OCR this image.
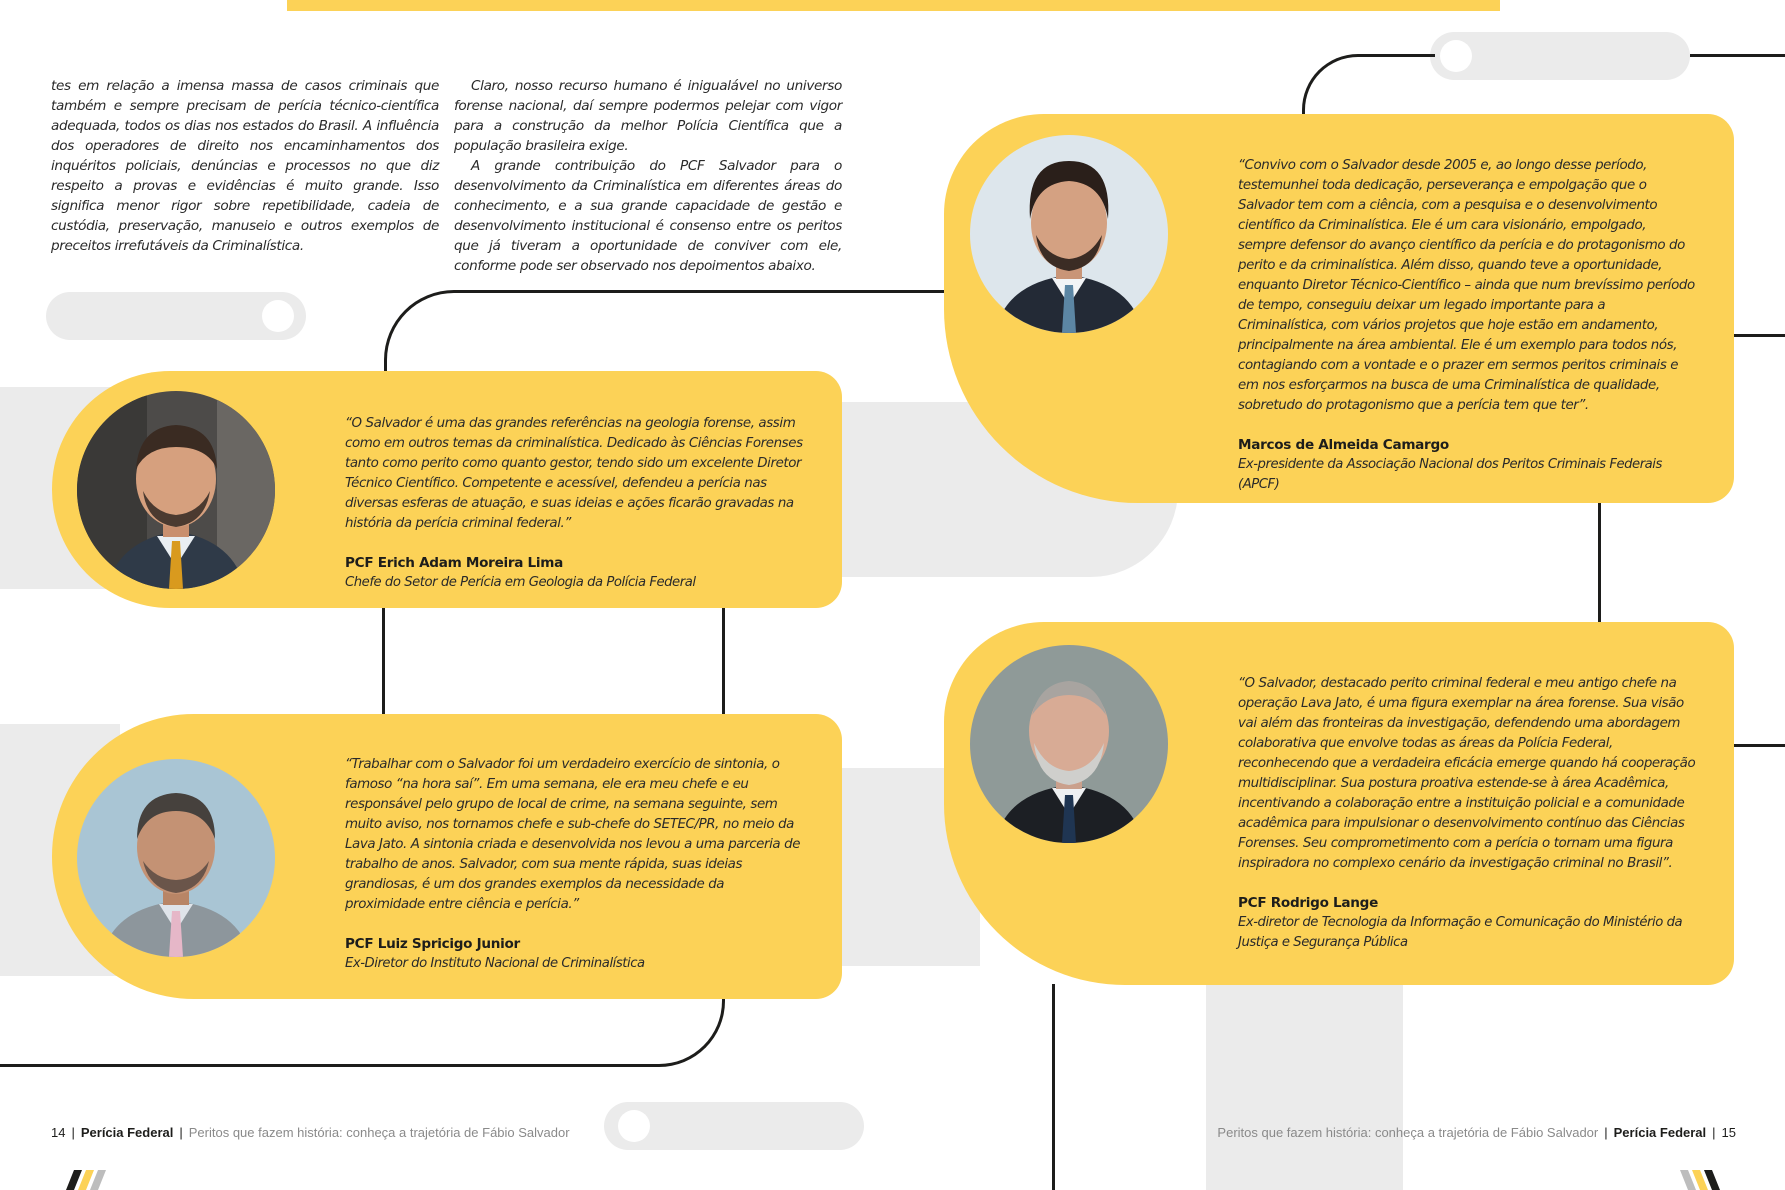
tes em relação a imensa massa de casos criminais que também e sempre precisam de perícia técnico-científica adequada, todos os dias nos estados do Brasil. A influência dos operadores de direito nos encaminhamentos dos inquéritos policiais, denúncias e processos no que diz respeito a provas e evidências é muito grande. Isso significa menor rigor sobre repetibilidade, cadeia de custódia, preservação, manuseio e outros exemplos de preceitos irrefutáveis da Criminalística.

Claro, nosso recurso humano é inigualável no universo forense nacional, daí sempre podermos pelejar com vigor para a construção da melhor Polícia Científica que a população brasileira exige.

A grande contribuição do PCF Salvador para o desenvolvimento da Criminalística em diferentes áreas do conhecimento, e a sua grande capacidade de gestão e desenvolvimento institucional é consenso entre os peritos que já tiveram a oportunidade de conviver com ele, conforme pode ser observado nos depoimentos abaixo.

“O Salvador é uma das grandes referências na geologia forense, assim como em outros temas da criminalística. Dedicado às Ciências Forenses tanto como perito como quanto gestor, tendo sido um excelente Diretor Técnico Científico. Competente e acessível, defendeu a perícia nas diversas esferas de atuação, e suas ideias e ações ficarão gravadas na história da perícia criminal federal.”

PCF Erich Adam Moreira Lima
Chefe do Setor de Perícia em Geologia da Polícia Federal

“Trabalhar com o Salvador foi um verdadeiro exercício de sintonia, o famoso “na hora saí”. Em uma semana, ele era meu chefe e eu responsável pelo grupo de local de crime, na semana seguinte, sem muito aviso, nos tornamos chefe e sub-chefe do SETEC/PR, no meio da Lava Jato. A sintonia criada e desenvolvida nos levou a uma parceria de trabalho de anos. Salvador, com sua mente rápida, suas ideias grandiosas, é um dos grandes exemplos da necessidade da proximidade entre ciência e perícia.”

PCF Luiz Spricigo Junior
Ex-Diretor do Instituto Nacional de Criminalística

“Convivo com o Salvador desde 2005 e, ao longo desse período, testemunhei toda dedicação, perseverança e empolgação que o Salvador tem com a ciência, com a pesquisa e o desenvolvimento científico da Criminalística. Ele é um cara visionário, empolgado, sempre defensor do avanço científico da perícia e do protagonismo do perito e da criminalística. Além disso, quando teve a oportunidade, enquanto Diretor Técnico-Científico – ainda que num brevíssimo período de tempo, conseguiu deixar um legado importante para a Criminalística, com vários projetos que hoje estão em andamento, principalmente na área ambiental. Ele é um exemplo para todos nós, contagiando com a vontade e o prazer em sermos peritos criminais e em nos esforçarmos na busca de uma Criminalística de qualidade, sobretudo do protagonismo que a perícia tem que ter”.

Marcos de Almeida Camargo
Ex-presidente da Associação Nacional dos Peritos Criminais Federais (APCF)

“O Salvador, destacado perito criminal federal e meu antigo chefe na operação Lava Jato, é uma figura exemplar na área forense. Sua visão vai além das fronteiras da investigação, defendendo uma abordagem colaborativa que envolve todas as áreas da Polícia Federal, reconhecendo que a verdadeira eficácia emerge quando há cooperação multidisciplinar. Sua postura proativa estende-se à área Acadêmica, incentivando a colaboração entre a instituição policial e a comunidade acadêmica para impulsionar o desenvolvimento contínuo das Ciências Forenses. Seu comprometimento com a perícia o tornam uma figura inspiradora no complexo cenário da investigação criminal no Brasil”.

PCF Rodrigo Lange
Ex-diretor de Tecnologia da Informação e Comunicação do Ministério da Justiça e Segurança Pública
14 | Perícia Federal | Peritos que fazem história: conheça a trajetória de Fábio Salvador	Peritos que fazem história: conheça a trajetória de Fábio Salvador | Perícia Federal | 15
